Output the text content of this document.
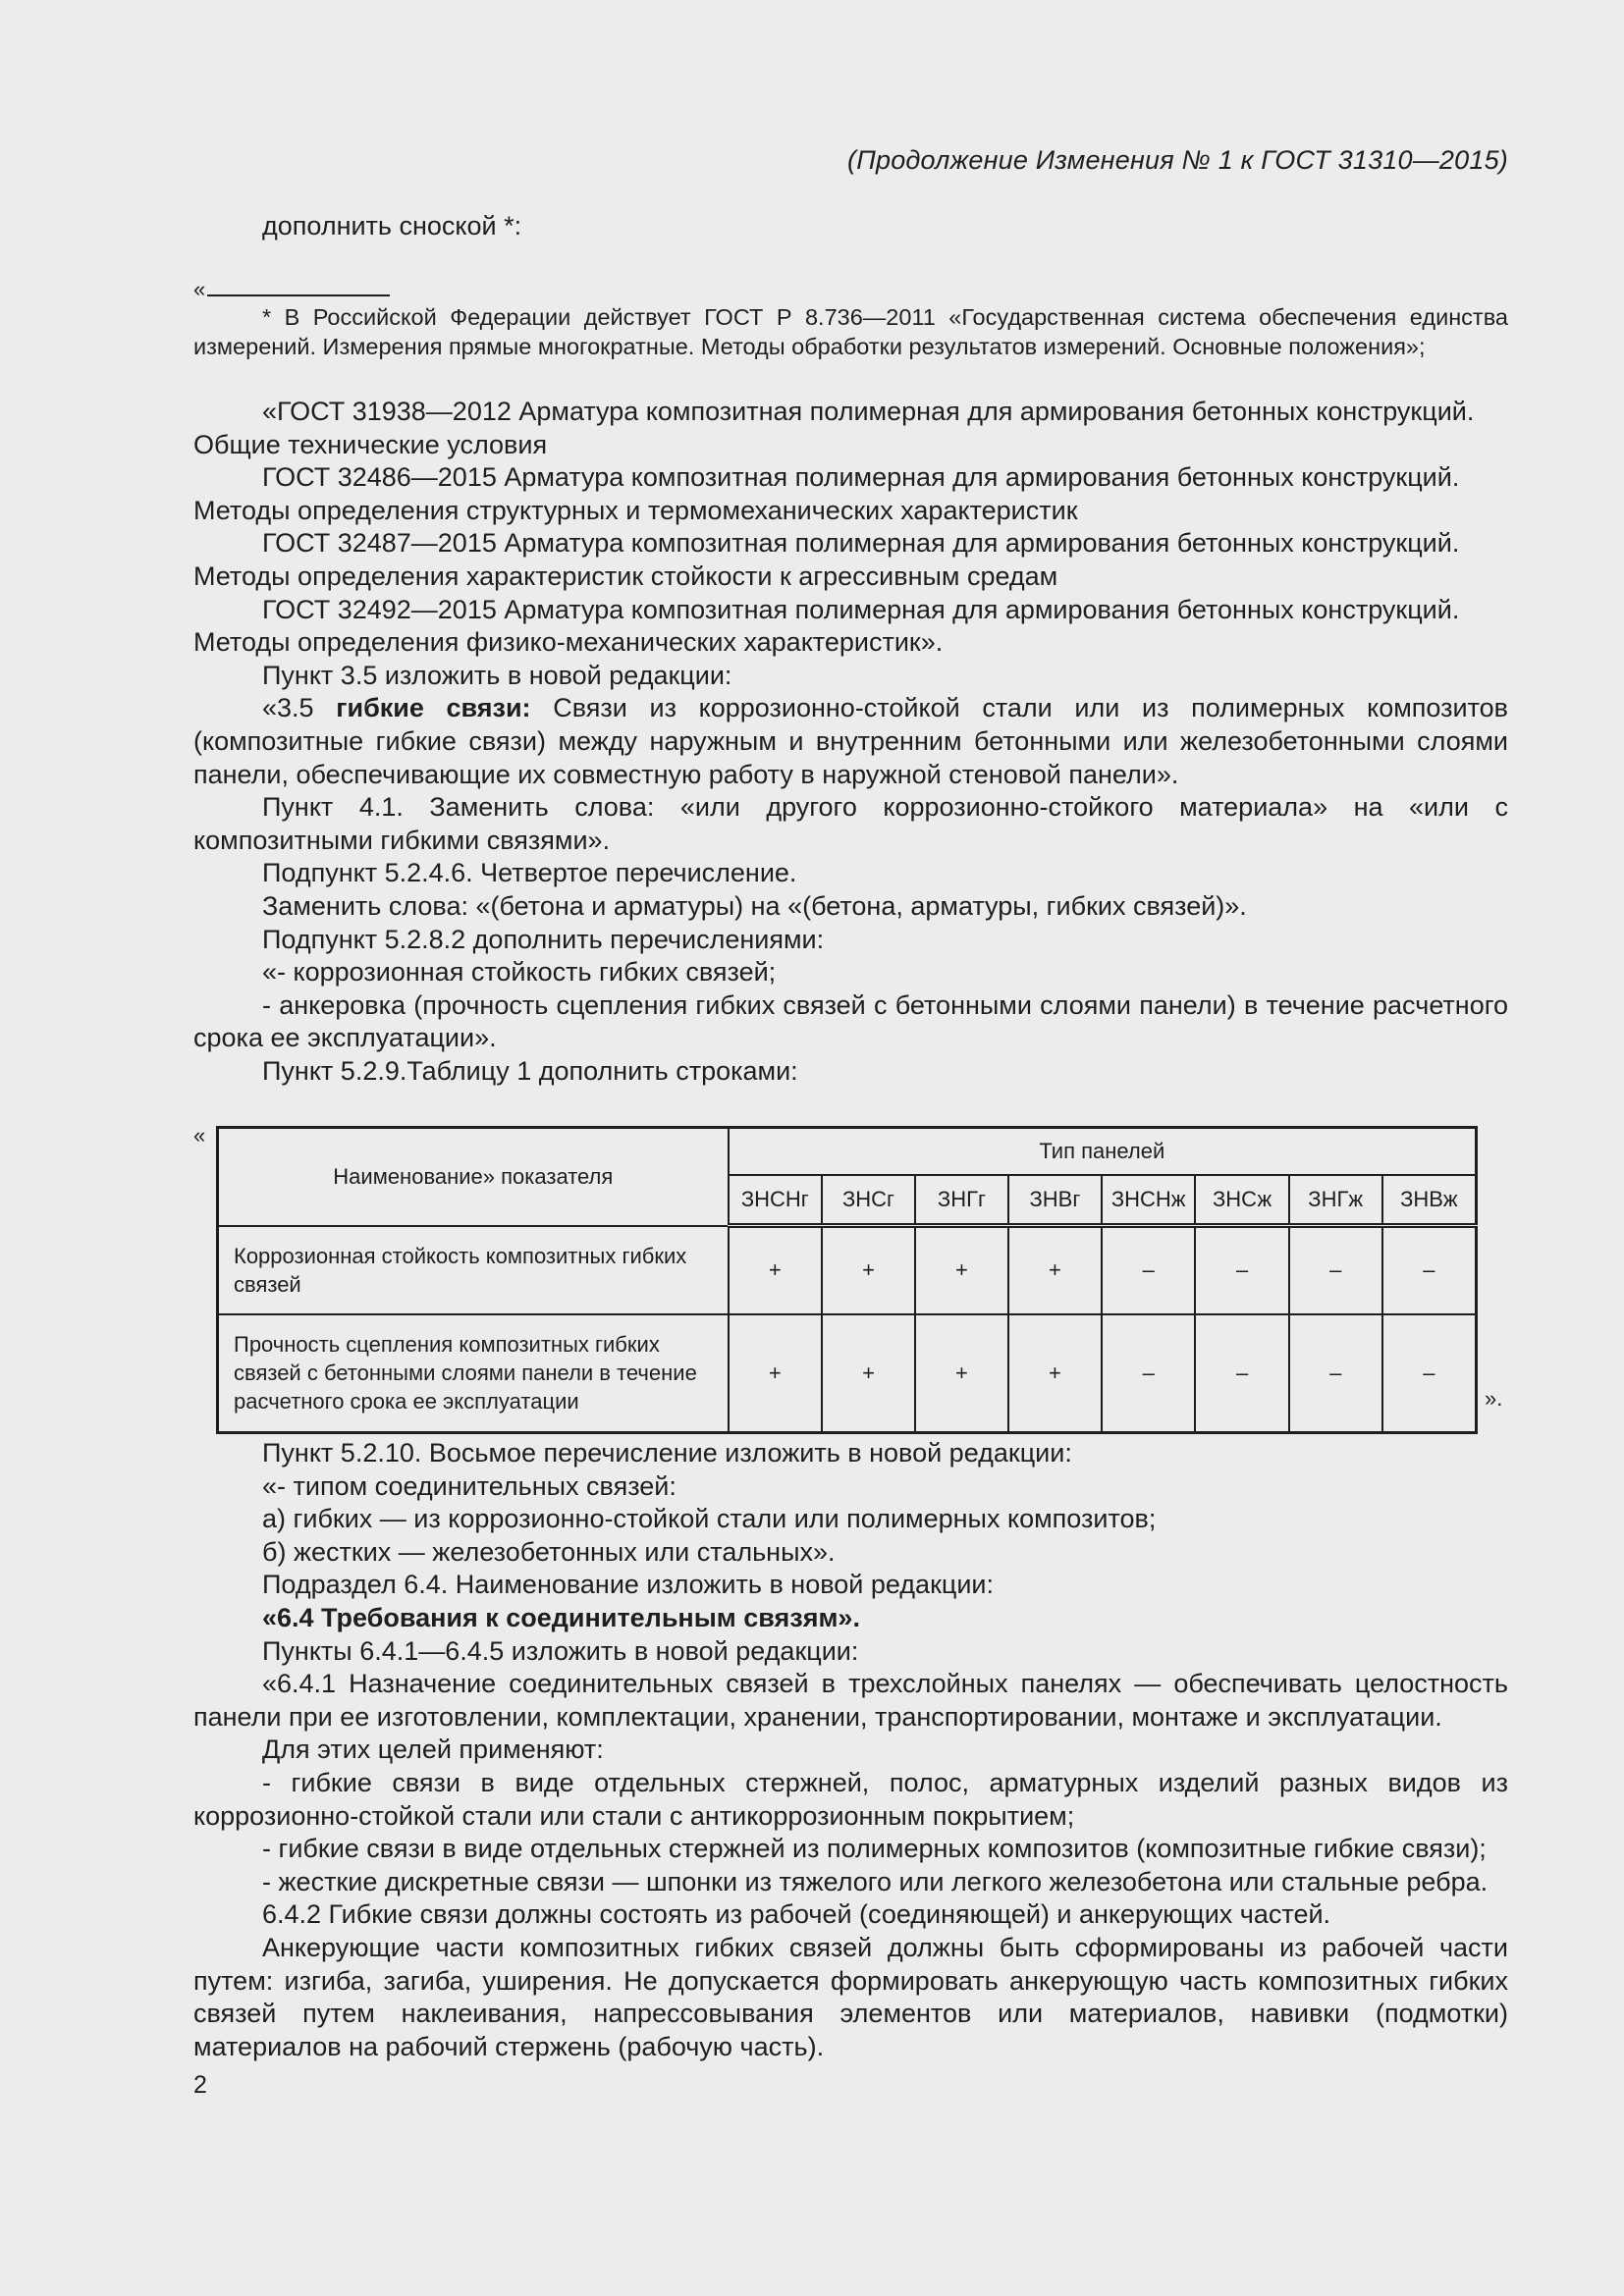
(Продолжение Изменения № 1 к ГОСТ 31310—2015)

дополнить сноской *:

«
* В Российской Федерации действует ГОСТ Р 8.736—2011 «Государственная система обеспечения единства измерений. Измерения прямые многократные. Методы обработки результатов измерений. Основные положения»;

«ГОСТ 31938—2012 Арматура композитная полимерная для армирования бетонных конструкций.

Общие технические условия

ГОСТ 32486—2015 Арматура композитная полимерная для армирования бетонных конструкций.

Методы определения структурных и термомеханических характеристик

ГОСТ 32487—2015 Арматура композитная полимерная для армирования бетонных конструкций.

Методы определения характеристик стойкости к агрессивным средам

ГОСТ 32492—2015 Арматура композитная полимерная для армирования бетонных конструкций.

Методы определения физико-механических характеристик».

Пункт 3.5 изложить в новой редакции:

«3.5 гибкие связи: Связи из коррозионно-стойкой стали или из полимерных композитов (композитные гибкие связи) между наружным и внутренним бетонными или железобетонными слоями панели, обеспечивающие их совместную работу в наружной стеновой панели».

Пункт 4.1. Заменить слова: «или другого коррозионно-стойкого материала» на «или с композитными гибкими связями».

Подпункт 5.2.4.6. Четвертое перечисление.

Заменить слова: «(бетона и арматуры) на «(бетона, арматуры, гибких связей)».

Подпункт 5.2.8.2 дополнить перечислениями:

«- коррозионная стойкость гибких связей;

- анкеровка (прочность сцепления гибких связей с бетонными слоями панели) в течение расчетного срока ее эксплуатации».

Пункт 5.2.9.Таблицу 1 дополнить строками:

«
Наименование» показателя	Тип панелей							
	ЗНСНг	ЗНСг	ЗНГг	ЗНВг	ЗНСНж	ЗНСж	ЗНГж	ЗНВж
Коррозионная стойкость композитных гибких связей	+	+	+	+	–	–	–	–
Прочность сцепления композитных гибких связей с бетонными слоями панели в течение расчетного срока ее эксплуатации	+	+	+	+	–	–	–	–
».

Пункт 5.2.10. Восьмое перечисление изложить в новой редакции:

«- типом соединительных связей:

а) гибких — из коррозионно-стойкой стали или полимерных композитов;

б) жестких — железобетонных или стальных».

Подраздел 6.4. Наименование изложить в новой редакции:

«6.4 Требования к соединительным связям».

Пункты 6.4.1—6.4.5 изложить в новой редакции:

«6.4.1 Назначение соединительных связей в трехслойных панелях — обеспечивать целостность панели при ее изготовлении, комплектации, хранении, транспортировании, монтаже и эксплуатации.

Для этих целей применяют:

- гибкие связи в виде отдельных стержней, полос, арматурных изделий разных видов из коррозионно-стойкой стали или стали с антикоррозионным покрытием;

- гибкие связи в виде отдельных стержней из полимерных композитов (композитные гибкие связи);

- жесткие дискретные связи — шпонки из тяжелого или легкого железобетона или стальные ребра.

6.4.2 Гибкие связи должны состоять из рабочей (соединяющей) и анкерующих частей.

Анкерующие части композитных гибких связей должны быть сформированы из рабочей части путем: изгиба, загиба, уширения. Не допускается формировать анкерующую часть композитных гибких связей путем наклеивания, напрессовывания элементов или материалов, навивки (подмотки) материалов на рабочий стержень (рабочую часть).

2
